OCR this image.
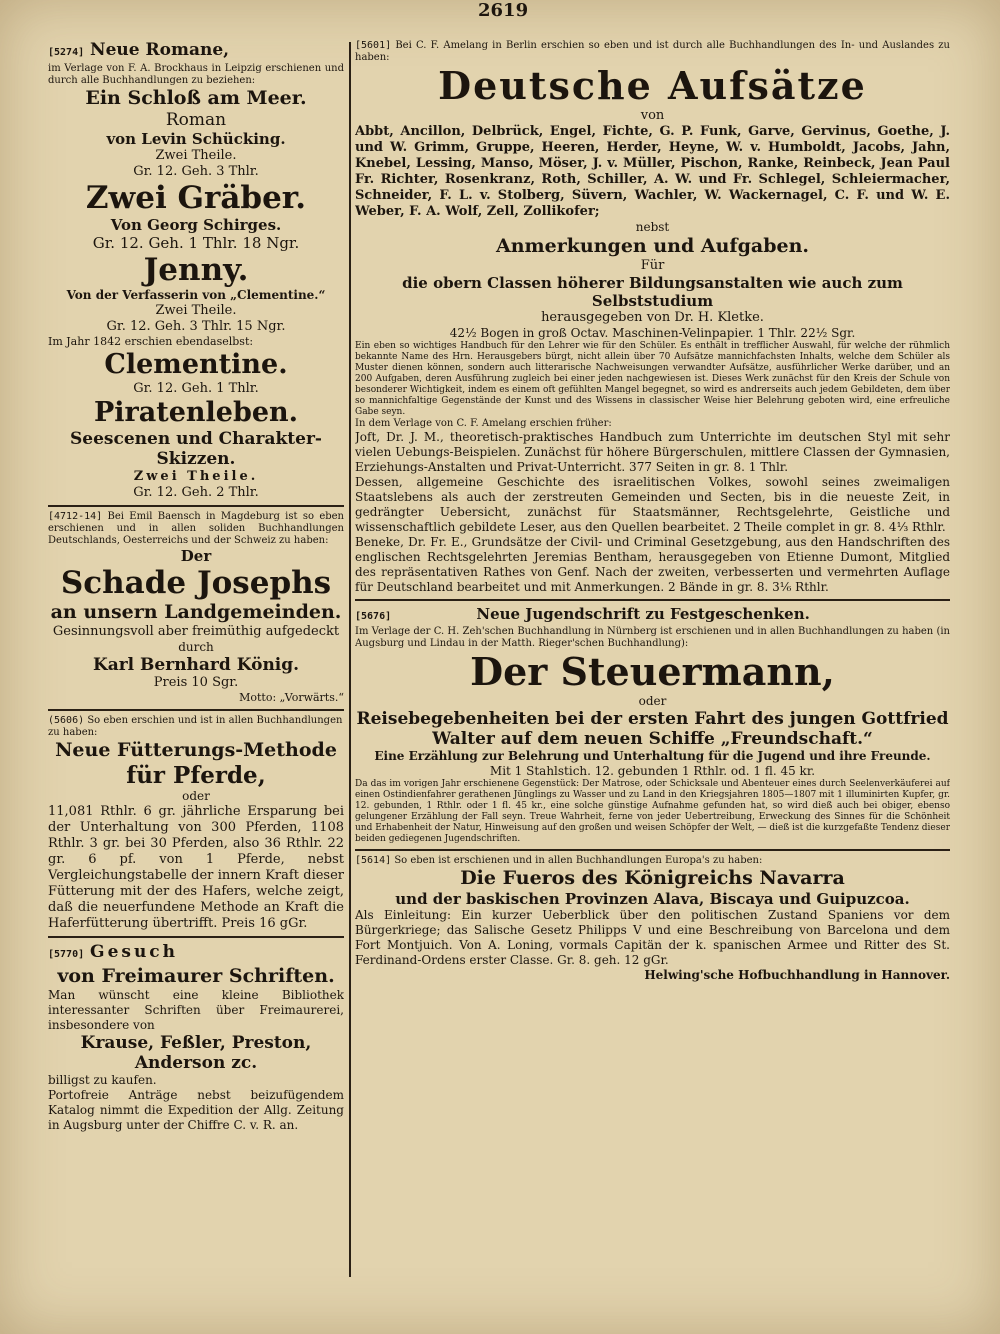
2619

[5274] Neue Romane,

im Verlage von F. A. Brockhaus in Leipzig erschienen und durch alle Buchhandlungen zu beziehen:

Ein Schloß am Meer.

Roman

von Levin Schücking.

Zwei Theile.

Gr. 12. Geh. 3 Thlr.

Zwei Gräber.

Von Georg Schirges.

Gr. 12. Geh. 1 Thlr. 18 Ngr.

Jenny.

Von der Verfasserin von „Clementine.“

Zwei Theile.

Gr. 12. Geh. 3 Thlr. 15 Ngr.

Im Jahr 1842 erschien ebendaselbst:

Clementine.

Gr. 12. Geh. 1 Thlr.

Piratenleben.

Seescenen und Charakter-Skizzen.

Zwei Theile.

Gr. 12. Geh. 2 Thlr.

[4712-14] Bei Emil Baensch in Magdeburg ist so eben erschienen und in allen soliden Buchhandlungen Deutschlands, Oesterreichs und der Schweiz zu haben:

Der

Schade Josephs

an unsern Landgemeinden.

Gesinnungsvoll aber freimüthig aufgedeckt

durch

Karl Bernhard König.

Preis 10 Sgr.

Motto: „Vorwärts.“

(5606) So eben erschien und ist in allen Buchhandlungen zu haben:

Neue Fütterungs-Methode

für Pferde,

oder

11,081 Rthlr. 6 gr. jährliche Ersparung bei der Unterhaltung von 300 Pferden, 1108 Rthlr. 3 gr. bei 30 Pferden, also 36 Rthlr. 22 gr. 6 pf. von 1 Pferde, nebst Vergleichungstabelle der innern Kraft dieser Fütterung mit der des Hafers, welche zeigt, daß die neuerfundene Methode an Kraft die Haferfütterung übertrifft. Preis 16 gGr.

[5770] Gesuch

von Freimaurer Schriften.

Man wünscht eine kleine Bibliothek interessanter Schriften über Freimaurerei, insbesondere von

Krause, Feßler, Preston, Anderson zc.

billigst zu kaufen.

Portofreie Anträge nebst beizufügendem Katalog nimmt die Expedition der Allg. Zeitung in Augsburg unter der Chiffre C. v. R. an.

[5601] Bei C. F. Amelang in Berlin erschien so eben und ist durch alle Buchhandlungen des In- und Auslandes zu haben:

Deutsche Aufsätze

von

Abbt, Ancillon, Delbrück, Engel, Fichte, G. P. Funk, Garve, Gervinus, Goethe, J. und W. Grimm, Gruppe, Heeren, Herder, Heyne, W. v. Humboldt, Jacobs, Jahn, Knebel, Lessing, Manso, Möser, J. v. Müller, Pischon, Ranke, Reinbeck, Jean Paul Fr. Richter, Rosenkranz, Roth, Schiller, A. W. und Fr. Schlegel, Schleiermacher, Schneider, F. L. v. Stolberg, Süvern, Wachler, W. Wackernagel, C. F. und W. E. Weber, F. A. Wolf, Zell, Zollikofer;

nebst

Anmerkungen und Aufgaben.

Für

die obern Classen höherer Bildungsanstalten wie auch zum

Selbststudium

herausgegeben von Dr. H. Kletke.

42½ Bogen in groß Octav. Maschinen-Velinpapier. 1 Thlr. 22½ Sgr.

Ein eben so wichtiges Handbuch für den Lehrer wie für den Schüler. Es enthält in trefflicher Auswahl, für welche der rühmlich bekannte Name des Hrn. Herausgebers bürgt, nicht allein über 70 Aufsätze mannichfachsten Inhalts, welche dem Schüler als Muster dienen können, sondern auch litterarische Nachweisungen verwandter Aufsätze, ausführlicher Werke darüber, und an 200 Aufgaben, deren Ausführung zugleich bei einer jeden nachgewiesen ist. Dieses Werk zunächst für den Kreis der Schule von besonderer Wichtigkeit, indem es einem oft gefühlten Mangel begegnet, so wird es andrerseits auch jedem Gebildeten, dem über so mannichfaltige Gegenstände der Kunst und des Wissens in classischer Weise hier Belehrung geboten wird, eine erfreuliche Gabe seyn.

In dem Verlage von C. F. Amelang erschien früher:

Joft, Dr. J. M., theoretisch-praktisches Handbuch zum Unterrichte im deutschen Styl mit sehr vielen Uebungs-Beispielen. Zunächst für höhere Bürgerschulen, mittlere Classen der Gymnasien, Erziehungs-Anstalten und Privat-Unterricht. 377 Seiten in gr. 8. 1 Thlr.

Dessen, allgemeine Geschichte des israelitischen Volkes, sowohl seines zweimaligen Staatslebens als auch der zerstreuten Gemeinden und Secten, bis in die neueste Zeit, in gedrängter Uebersicht, zunächst für Staatsmänner, Rechtsgelehrte, Geistliche und wissenschaftlich gebildete Leser, aus den Quellen bearbeitet. 2 Theile complet in gr. 8. 4⅓ Rthlr.

Beneke, Dr. Fr. E., Grundsätze der Civil- und Criminal Gesetzgebung, aus den Handschriften des englischen Rechtsgelehrten Jeremias Bentham, herausgegeben von Etienne Dumont, Mitglied des repräsentativen Rathes von Genf. Nach der zweiten, verbesserten und vermehrten Auflage für Deutschland bearbeitet und mit Anmerkungen. 2 Bände in gr. 8. 3⅙ Rthlr.

[5676]	Neue Jugendschrift zu Festgeschenken.

Im Verlage der C. H. Zeh'schen Buchhandlung in Nürnberg ist erschienen und in allen Buchhandlungen zu haben (in Augsburg und Lindau in der Matth. Rieger'schen Buchhandlung):

Der Steuermann,

oder

Reisebegebenheiten bei der ersten Fahrt des jungen Gottfried

Walter auf dem neuen Schiffe „Freundschaft.“

Eine Erzählung zur Belehrung und Unterhaltung für die Jugend und ihre Freunde.

Mit 1 Stahlstich. 12. gebunden 1 Rthlr. od. 1 fl. 45 kr.

Da das im vorigen Jahr erschienene Gegenstück: Der Matrose, oder Schicksale und Abenteuer eines durch Seelenverkäuferei auf einen Ostindienfahrer gerathenen Jünglings zu Wasser und zu Land in den Kriegsjahren 1805—1807 mit 1 illuminirten Kupfer, gr. 12. gebunden, 1 Rthlr. oder 1 fl. 45 kr., eine solche günstige Aufnahme gefunden hat, so wird dieß auch bei obiger, ebenso gelungener Erzählung der Fall seyn. Treue Wahrheit, ferne von jeder Uebertreibung, Erweckung des Sinnes für die Schönheit und Erhabenheit der Natur, Hinweisung auf den großen und weisen Schöpfer der Welt, — dieß ist die kurzgefaßte Tendenz dieser beiden gediegenen Jugendschriften.

[5614] So eben ist erschienen und in allen Buchhandlungen Europa's zu haben:

Die Fueros des Königreichs Navarra

und der baskischen Provinzen Alava, Biscaya und Guipuzcoa.

Als Einleitung: Ein kurzer Ueberblick über den politischen Zustand Spaniens vor dem Bürgerkriege; das Salische Gesetz Philipps V und eine Beschreibung von Barcelona und dem Fort Montjuich. Von A. Loning, vormals Capitän der k. spanischen Armee und Ritter des St. Ferdinand-Ordens erster Classe. Gr. 8. geh. 12 gGr.

Helwing'sche Hofbuchhandlung in Hannover.
